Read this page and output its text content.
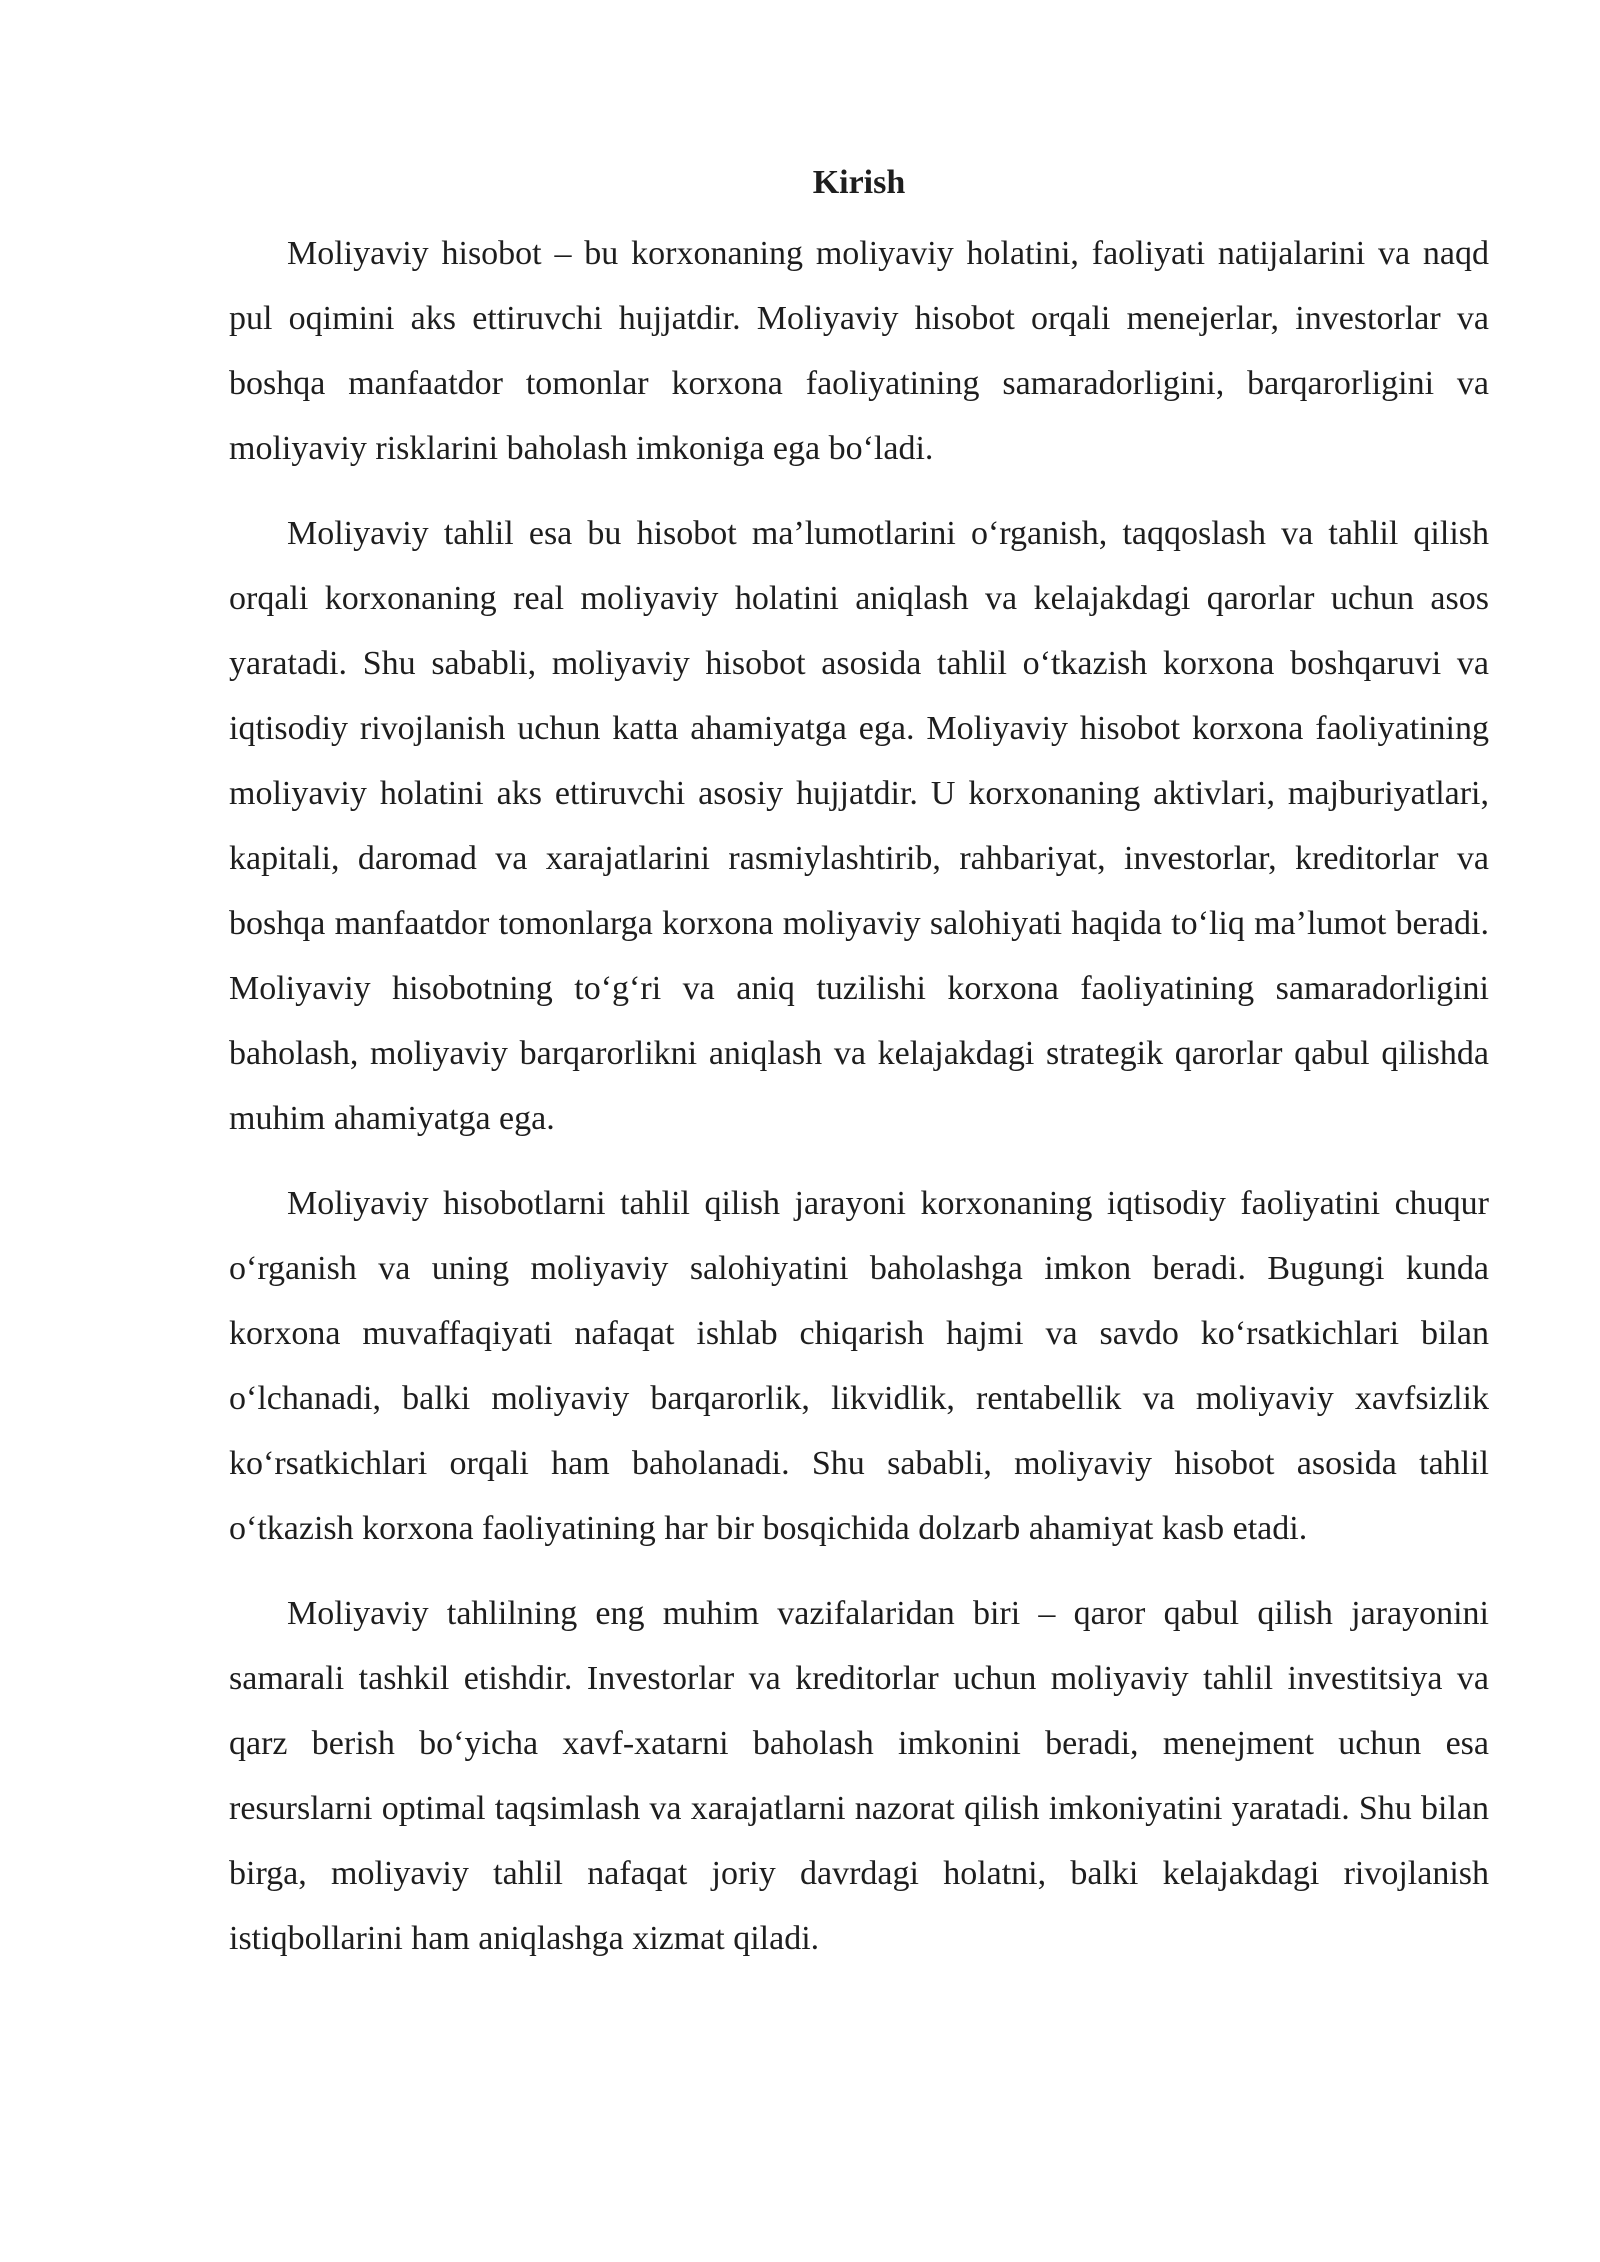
Kirish

Moliyaviy hisobot – bu korxonaning moliyaviy holatini, faoliyati natijalarini va naqd pul oqimini aks ettiruvchi hujjatdir. Moliyaviy hisobot orqali menejerlar, investorlar va boshqa manfaatdor tomonlar korxona faoliyatining samaradorligini, barqarorligini va moliyaviy risklarini baholash imkoniga ega bo‘ladi.

Moliyaviy tahlil esa bu hisobot ma’lumotlarini o‘rganish, taqqoslash va tahlil qilish orqali korxonaning real moliyaviy holatini aniqlash va kelajakdagi qarorlar uchun asos yaratadi. Shu sababli, moliyaviy hisobot asosida tahlil o‘tkazish korxona boshqaruvi va iqtisodiy rivojlanish uchun katta ahamiyatga ega. Moliyaviy hisobot korxona faoliyatining moliyaviy holatini aks ettiruvchi asosiy hujjatdir. U korxonaning aktivlari, majburiyatlari, kapitali, daromad va xarajatlarini rasmiylashtirib, rahbariyat, investorlar, kreditorlar va boshqa manfaatdor tomonlarga korxona moliyaviy salohiyati haqida to‘liq ma’lumot beradi. Moliyaviy hisobotning to‘g‘ri va aniq tuzilishi korxona faoliyatining samaradorligini baholash, moliyaviy barqarorlikni aniqlash va kelajakdagi strategik qarorlar qabul qilishda muhim ahamiyatga ega.

Moliyaviy hisobotlarni tahlil qilish jarayoni korxonaning iqtisodiy faoliyatini chuqur o‘rganish va uning moliyaviy salohiyatini baholashga imkon beradi. Bugungi kunda korxona muvaffaqiyati nafaqat ishlab chiqarish hajmi va savdo ko‘rsatkichlari bilan o‘lchanadi, balki moliyaviy barqarorlik, likvidlik, rentabellik va moliyaviy xavfsizlik ko‘rsatkichlari orqali ham baholanadi. Shu sababli, moliyaviy hisobot asosida tahlil o‘tkazish korxona faoliyatining har bir bosqichida dolzarb ahamiyat kasb etadi.

Moliyaviy tahlilning eng muhim vazifalaridan biri – qaror qabul qilish jarayonini samarali tashkil etishdir. Investorlar va kreditorlar uchun moliyaviy tahlil investitsiya va qarz berish bo‘yicha xavf-xatarni baholash imkonini beradi, menejment uchun esa resurslarni optimal taqsimlash va xarajatlarni nazorat qilish imkoniyatini yaratadi. Shu bilan birga, moliyaviy tahlil nafaqat joriy davrdagi holatni, balki kelajakdagi rivojlanish istiqbollarini ham aniqlashga xizmat qiladi.
